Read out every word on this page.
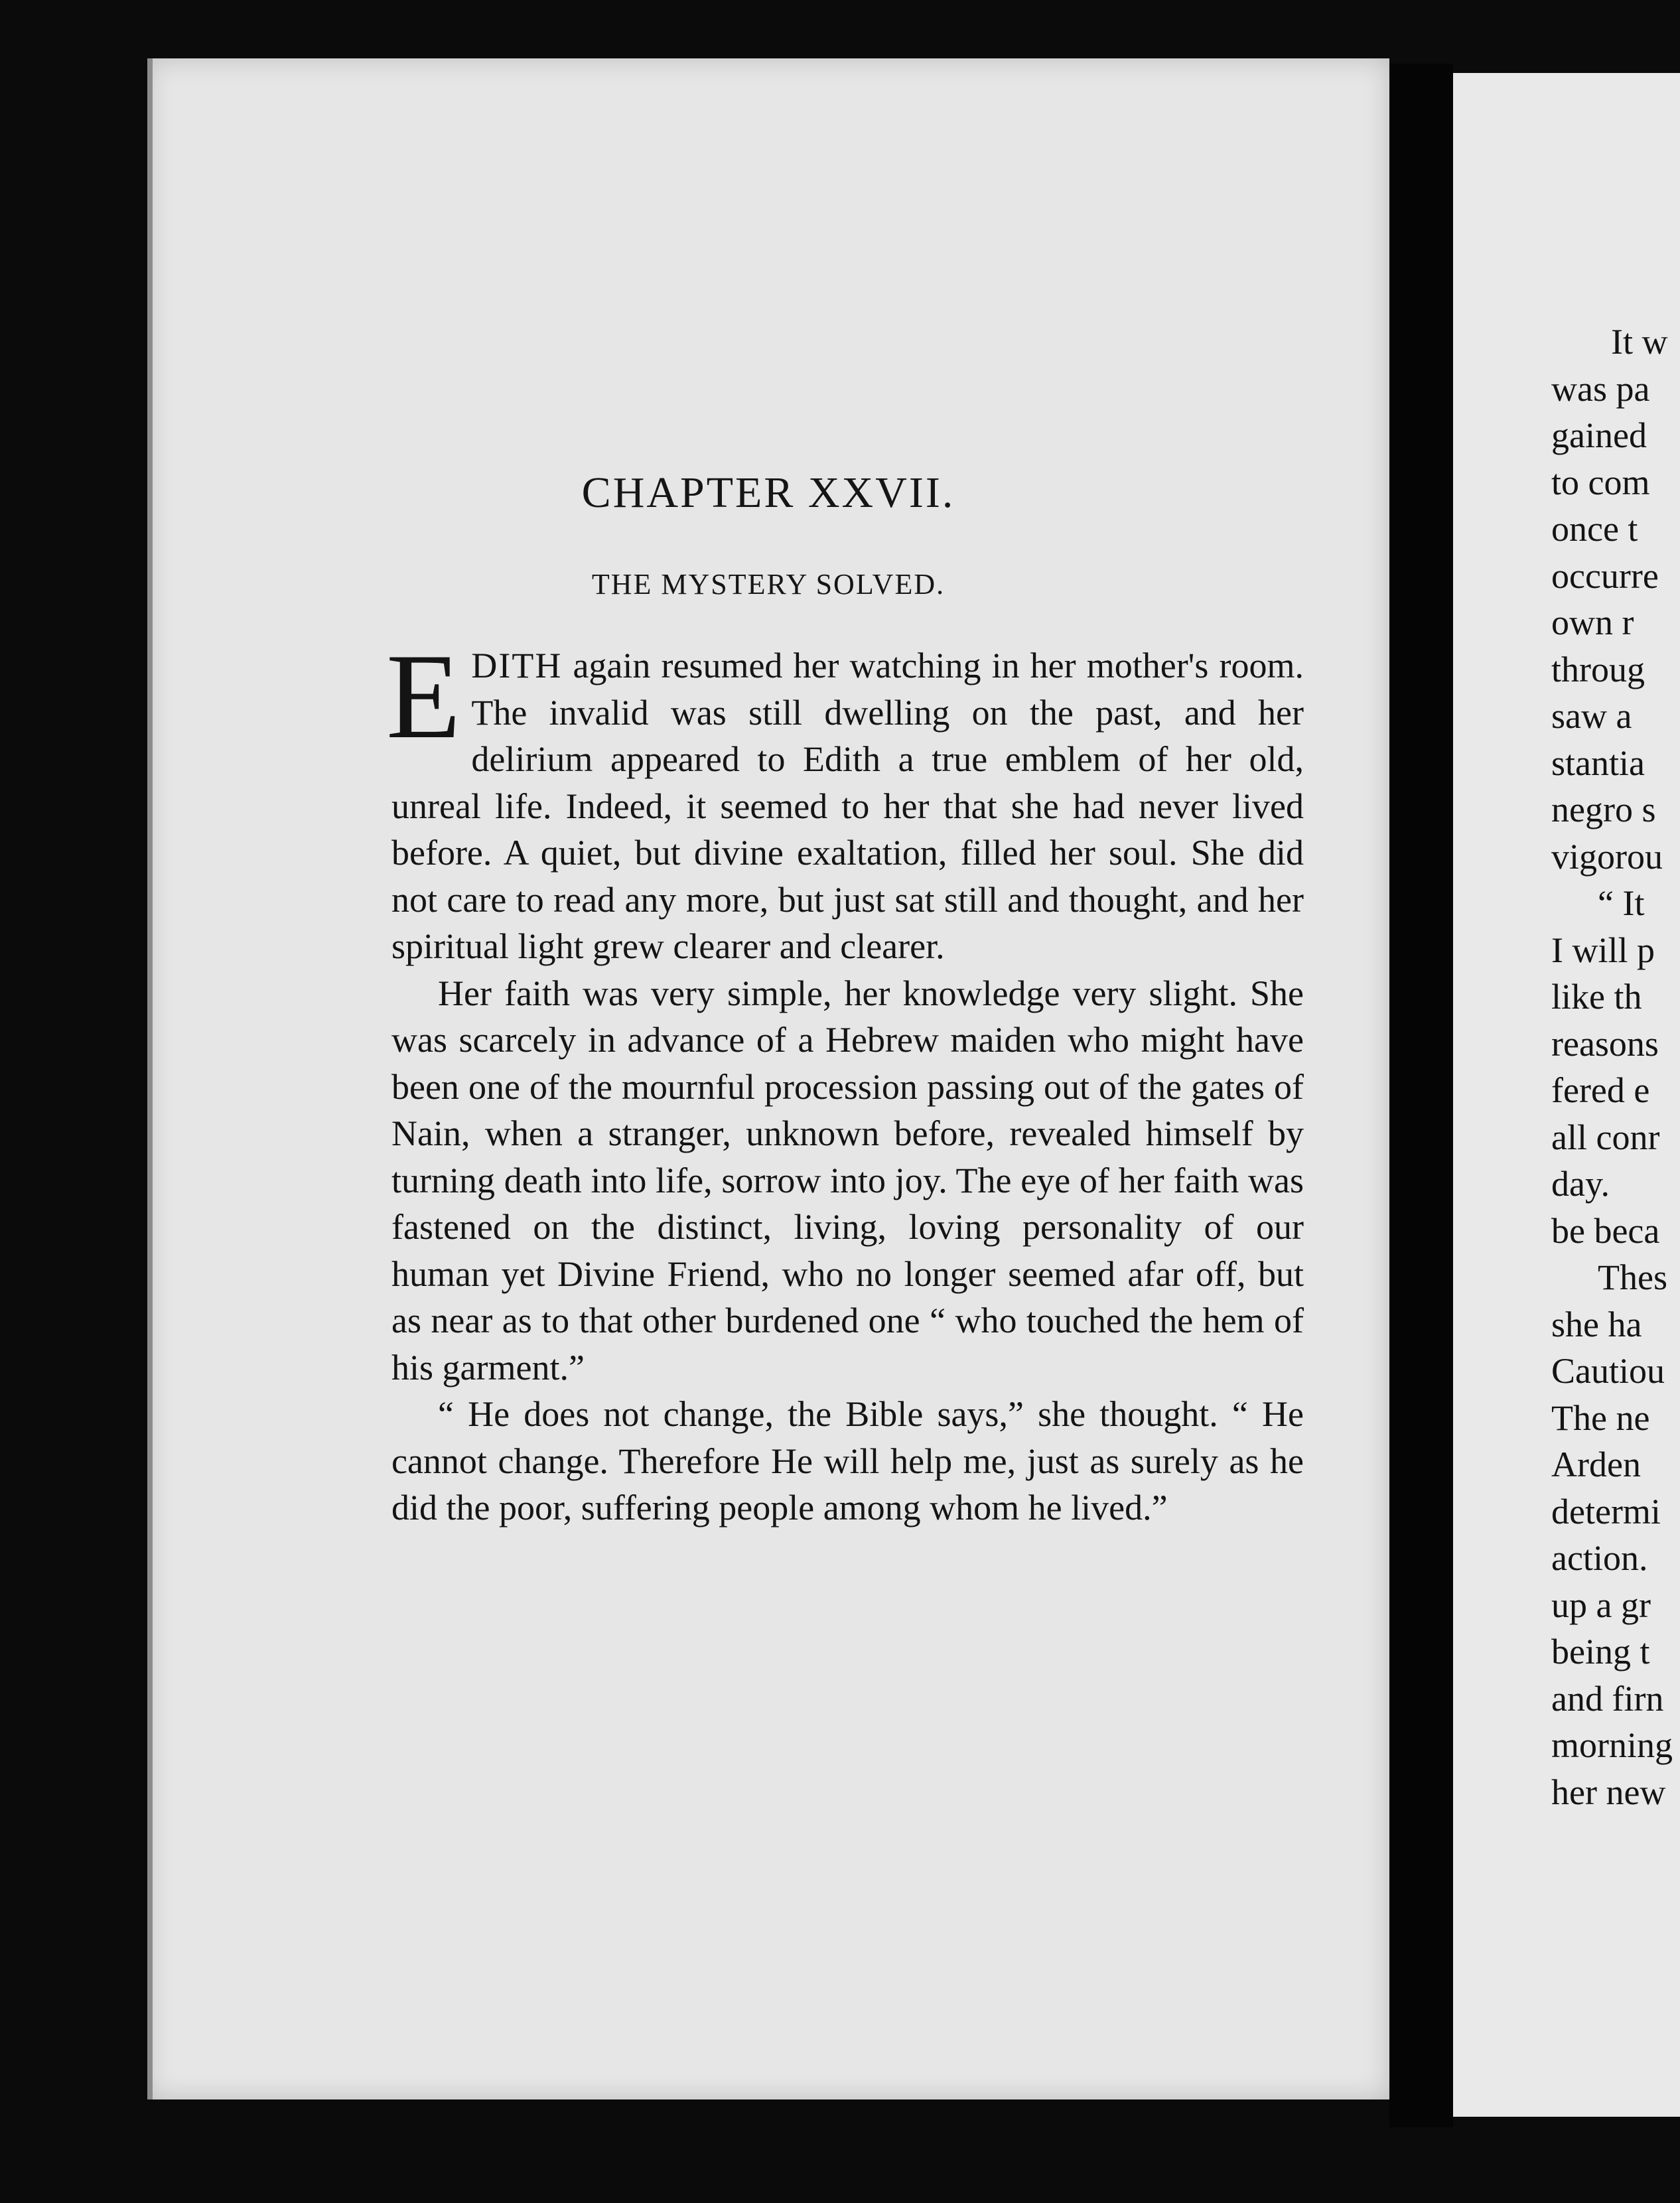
CHAPTER XXVII.
THE MYSTERY SOLVED.

EDITH again resumed her watching in her mother's room. The invalid was still dwelling on the past, and her delirium appeared to Edith a true emblem of her old, unreal life. Indeed, it seemed to her that she had never lived before. A quiet, but divine exaltation, filled her soul. She did not care to read any more, but just sat still and thought, and her spiritual light grew clearer and clearer.

Her faith was very simple, her knowledge very slight. She was scarcely in advance of a Hebrew maiden who might have been one of the mournful procession passing out of the gates of Nain, when a stranger, unknown before, revealed himself by turning death into life, sorrow into joy. The eye of her faith was fastened on the distinct, living, loving personality of our human yet Divine Friend, who no longer seemed afar off, but as near as to that other burdened one “ who touched the hem of his garment.”

“ He does not change, the Bible says,” she thought. “ He cannot change. Therefore He will help me, just as surely as he did the poor, suffering people among whom he lived.”

It w
was pa
gained
to com
once t
occurre
own r
throug
saw a
stantia
negro s
vigorou
“ It
I will p
like th
reasons
fered e
all conr
day.
be beca
Thes
she ha
Cautiou
The ne
Arden
determi
action.
up a gr
being t
and firn
morning
her new
